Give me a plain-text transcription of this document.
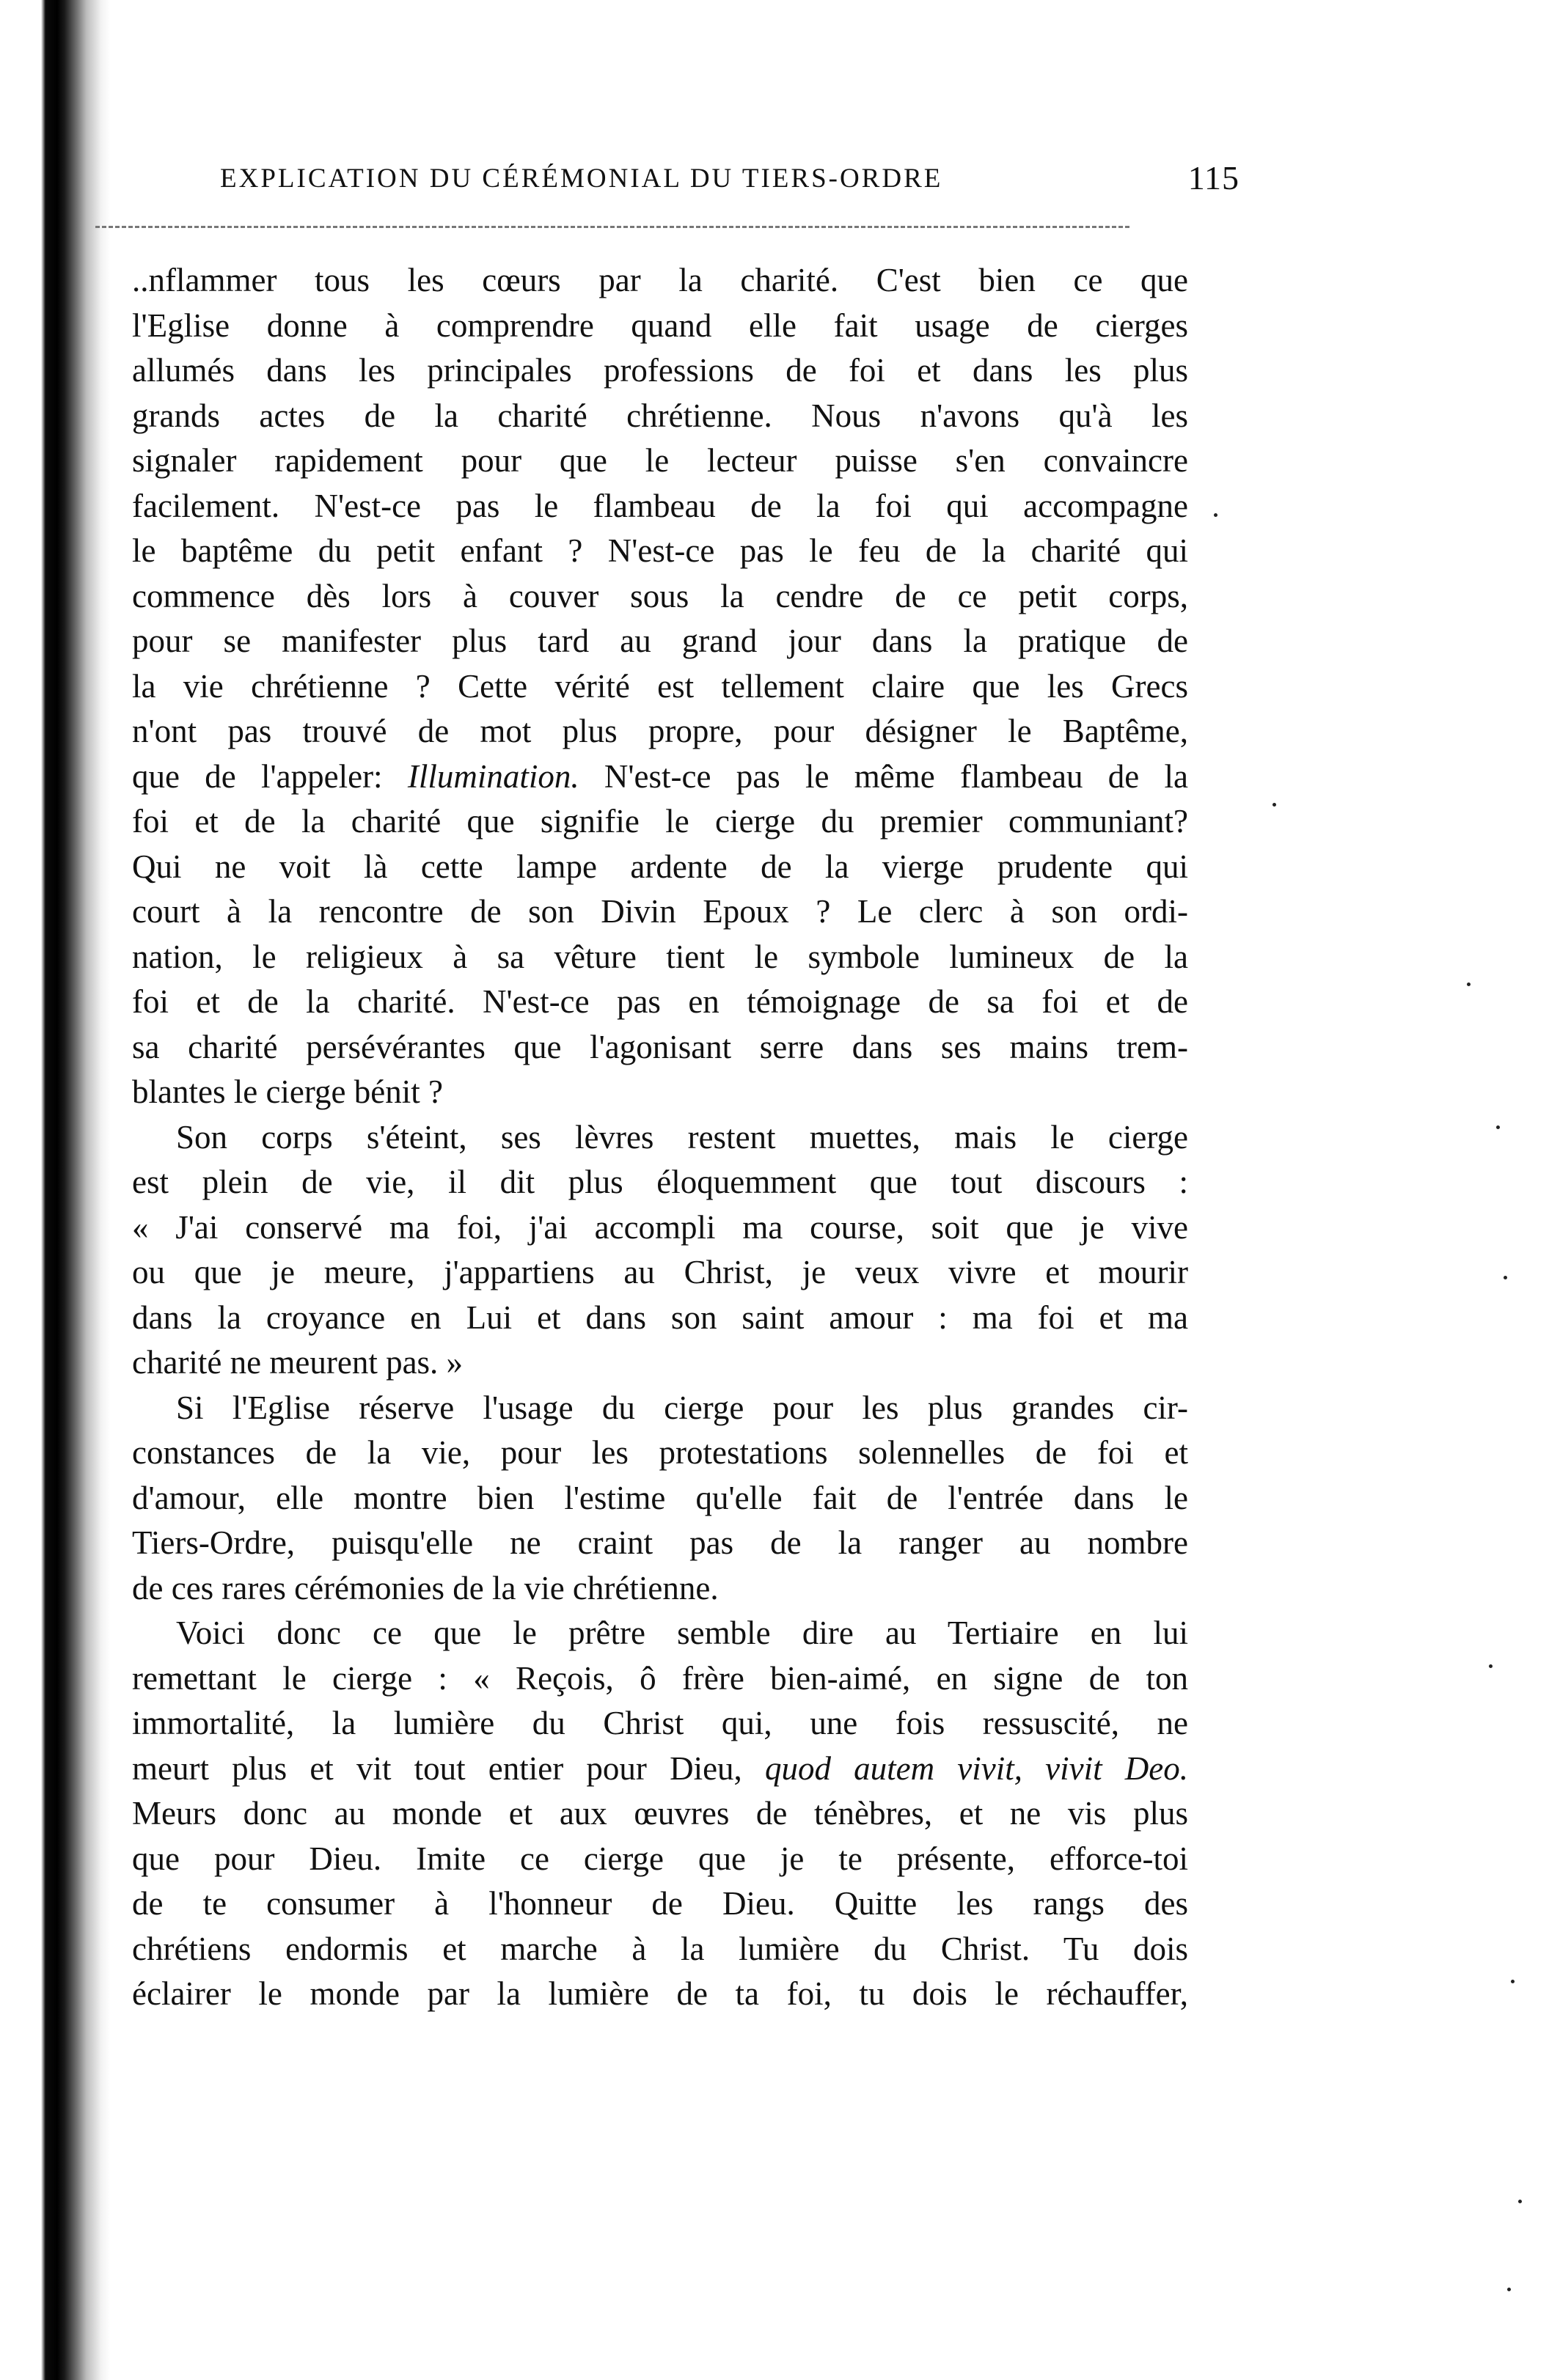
EXPLICATION DU CÉRÉMONIAL DU TIERS-ORDRE	115
..nflammer tous les cœurs par la charité. C'est bien ce que
l'Eglise donne à comprendre quand elle fait usage de cierges
allumés dans les principales professions de foi et dans les plus
grands actes de la charité chrétienne. Nous n'avons qu'à les
signaler rapidement pour que le lecteur puisse s'en convaincre
facilement. N'est-ce pas le flambeau de la foi qui accompagne
le baptême du petit enfant ? N'est-ce pas le feu de la charité qui
commence dès lors à couver sous la cendre de ce petit corps,
pour se manifester plus tard au grand jour dans la pratique de
la vie chrétienne ? Cette vérité est tellement claire que les Grecs
n'ont pas trouvé de mot plus propre, pour désigner le Baptême,
que de l'appeler: Illumination. N'est-ce pas le même flambeau de la
foi et de la charité que signifie le cierge du premier communiant?
Qui ne voit là cette lampe ardente de la vierge prudente qui
court à la rencontre de son Divin Epoux ? Le clerc à son ordi-
nation, le religieux à sa vêture tient le symbole lumineux de la
foi et de la charité. N'est-ce pas en témoignage de sa foi et de
sa charité persévérantes que l'agonisant serre dans ses mains trem-
blantes le cierge bénit ?
Son corps s'éteint, ses lèvres restent muettes, mais le cierge
est plein de vie, il dit plus éloquemment que tout discours :
« J'ai conservé ma foi, j'ai accompli ma course, soit que je vive
ou que je meure, j'appartiens au Christ, je veux vivre et mourir
dans la croyance en Lui et dans son saint amour : ma foi et ma
charité ne meurent pas. »
Si l'Eglise réserve l'usage du cierge pour les plus grandes cir-
constances de la vie, pour les protestations solennelles de foi et
d'amour, elle montre bien l'estime qu'elle fait de l'entrée dans le
Tiers-Ordre, puisqu'elle ne craint pas de la ranger au nombre
de ces rares cérémonies de la vie chrétienne.
Voici donc ce que le prêtre semble dire au Tertiaire en lui
remettant le cierge : « Reçois, ô frère bien-aimé, en signe de ton
immortalité, la lumière du Christ qui, une fois ressuscité, ne
meurt plus et vit tout entier pour Dieu, quod autem vivit, vivit Deo.
Meurs donc au monde et aux œuvres de ténèbres, et ne vis plus
que pour Dieu. Imite ce cierge que je te présente, efforce-toi
de te consumer à l'honneur de Dieu. Quitte les rangs des
chrétiens endormis et marche à la lumière du Christ. Tu dois
éclairer le monde par la lumière de ta foi, tu dois le réchauffer,
